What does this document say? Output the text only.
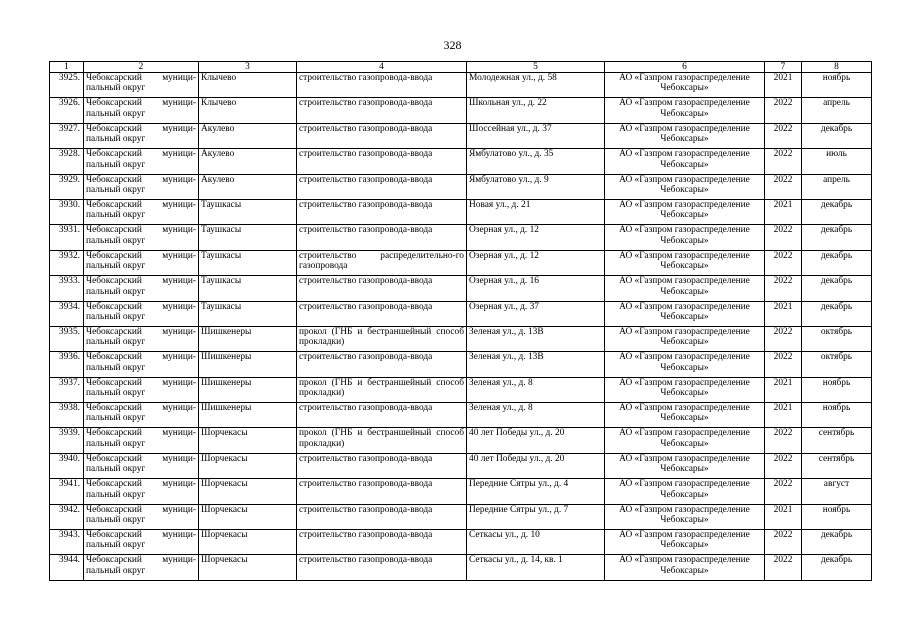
328
1	2	3	4	5	6	7	8
3925.	Чебоксарский муници-пальный округ	Клычево	строительство газопровода-ввода	Молодежная ул., д. 58	АО «Газпром газораспределение Чебоксары»	2021	ноябрь
3926.	Чебоксарский муници-пальный округ	Клычево	строительство газопровода-ввода	Школьная ул., д. 22	АО «Газпром газораспределение Чебоксары»	2022	апрель
3927.	Чебоксарский муници-пальный округ	Акулево	строительство газопровода-ввода	Шоссейная ул., д. 37	АО «Газпром газораспределение Чебоксары»	2022	декабрь
3928.	Чебоксарский муници-пальный округ	Акулево	строительство газопровода-ввода	Ямбулатово ул., д. 35	АО «Газпром газораспределение Чебоксары»	2022	июль
3929.	Чебоксарский муници-пальный округ	Акулево	строительство газопровода-ввода	Ямбулатово ул., д. 9	АО «Газпром газораспределение Чебоксары»	2022	апрель
3930.	Чебоксарский муници-пальный округ	Таушкасы	строительство газопровода-ввода	Новая ул., д. 21	АО «Газпром газораспределение Чебоксары»	2021	декабрь
3931.	Чебоксарский муници-пальный округ	Таушкасы	строительство газопровода-ввода	Озерная ул., д. 12	АО «Газпром газораспределение Чебоксары»	2022	декабрь
3932.	Чебоксарский муници-пальный округ	Таушкасы	строительство распределительно-го газопровода	Озерная ул., д. 12	АО «Газпром газораспределение Чебоксары»	2022	декабрь
3933.	Чебоксарский муници-пальный округ	Таушкасы	строительство газопровода-ввода	Озерная ул., д. 16	АО «Газпром газораспределение Чебоксары»	2022	декабрь
3934.	Чебоксарский муници-пальный округ	Таушкасы	строительство газопровода-ввода	Озерная ул., д. 37	АО «Газпром газораспределение Чебоксары»	2021	декабрь
3935.	Чебоксарский муници-пальный округ	Шишкенеры	прокол (ГНБ и бестраншейный способ прокладки)	Зеленая ул., д. 13В	АО «Газпром газораспределение Чебоксары»	2022	октябрь
3936.	Чебоксарский муници-пальный округ	Шишкенеры	строительство газопровода-ввода	Зеленая ул., д. 13В	АО «Газпром газораспределение Чебоксары»	2022	октябрь
3937.	Чебоксарский муници-пальный округ	Шишкенеры	прокол (ГНБ и бестраншейный способ прокладки)	Зеленая ул., д. 8	АО «Газпром газораспределение Чебоксары»	2021	ноябрь
3938.	Чебоксарский муници-пальный округ	Шишкенеры	строительство газопровода-ввода	Зеленая ул., д. 8	АО «Газпром газораспределение Чебоксары»	2021	ноябрь
3939.	Чебоксарский муници-пальный округ	Шорчекасы	прокол (ГНБ и бестраншейный способ прокладки)	40 лет Победы ул., д. 20	АО «Газпром газораспределение Чебоксары»	2022	сентябрь
3940.	Чебоксарский муници-пальный округ	Шорчекасы	строительство газопровода-ввода	40 лет Победы ул., д. 20	АО «Газпром газораспределение Чебоксары»	2022	сентябрь
3941.	Чебоксарский муници-пальный округ	Шорчекасы	строительство газопровода-ввода	Передние Сятры ул., д. 4	АО «Газпром газораспределение Чебоксары»	2022	август
3942.	Чебоксарский муници-пальный округ	Шорчекасы	строительство газопровода-ввода	Передние Сятры ул., д. 7	АО «Газпром газораспределение Чебоксары»	2021	ноябрь
3943.	Чебоксарский муници-пальный округ	Шорчекасы	строительство газопровода-ввода	Сеткасы ул., д. 10	АО «Газпром газораспределение Чебоксары»	2022	декабрь
3944.	Чебоксарский муници-пальный округ	Шорчекасы	строительство газопровода-ввода	Сеткасы ул., д. 14, кв. 1	АО «Газпром газораспределение Чебоксары»	2022	декабрь
